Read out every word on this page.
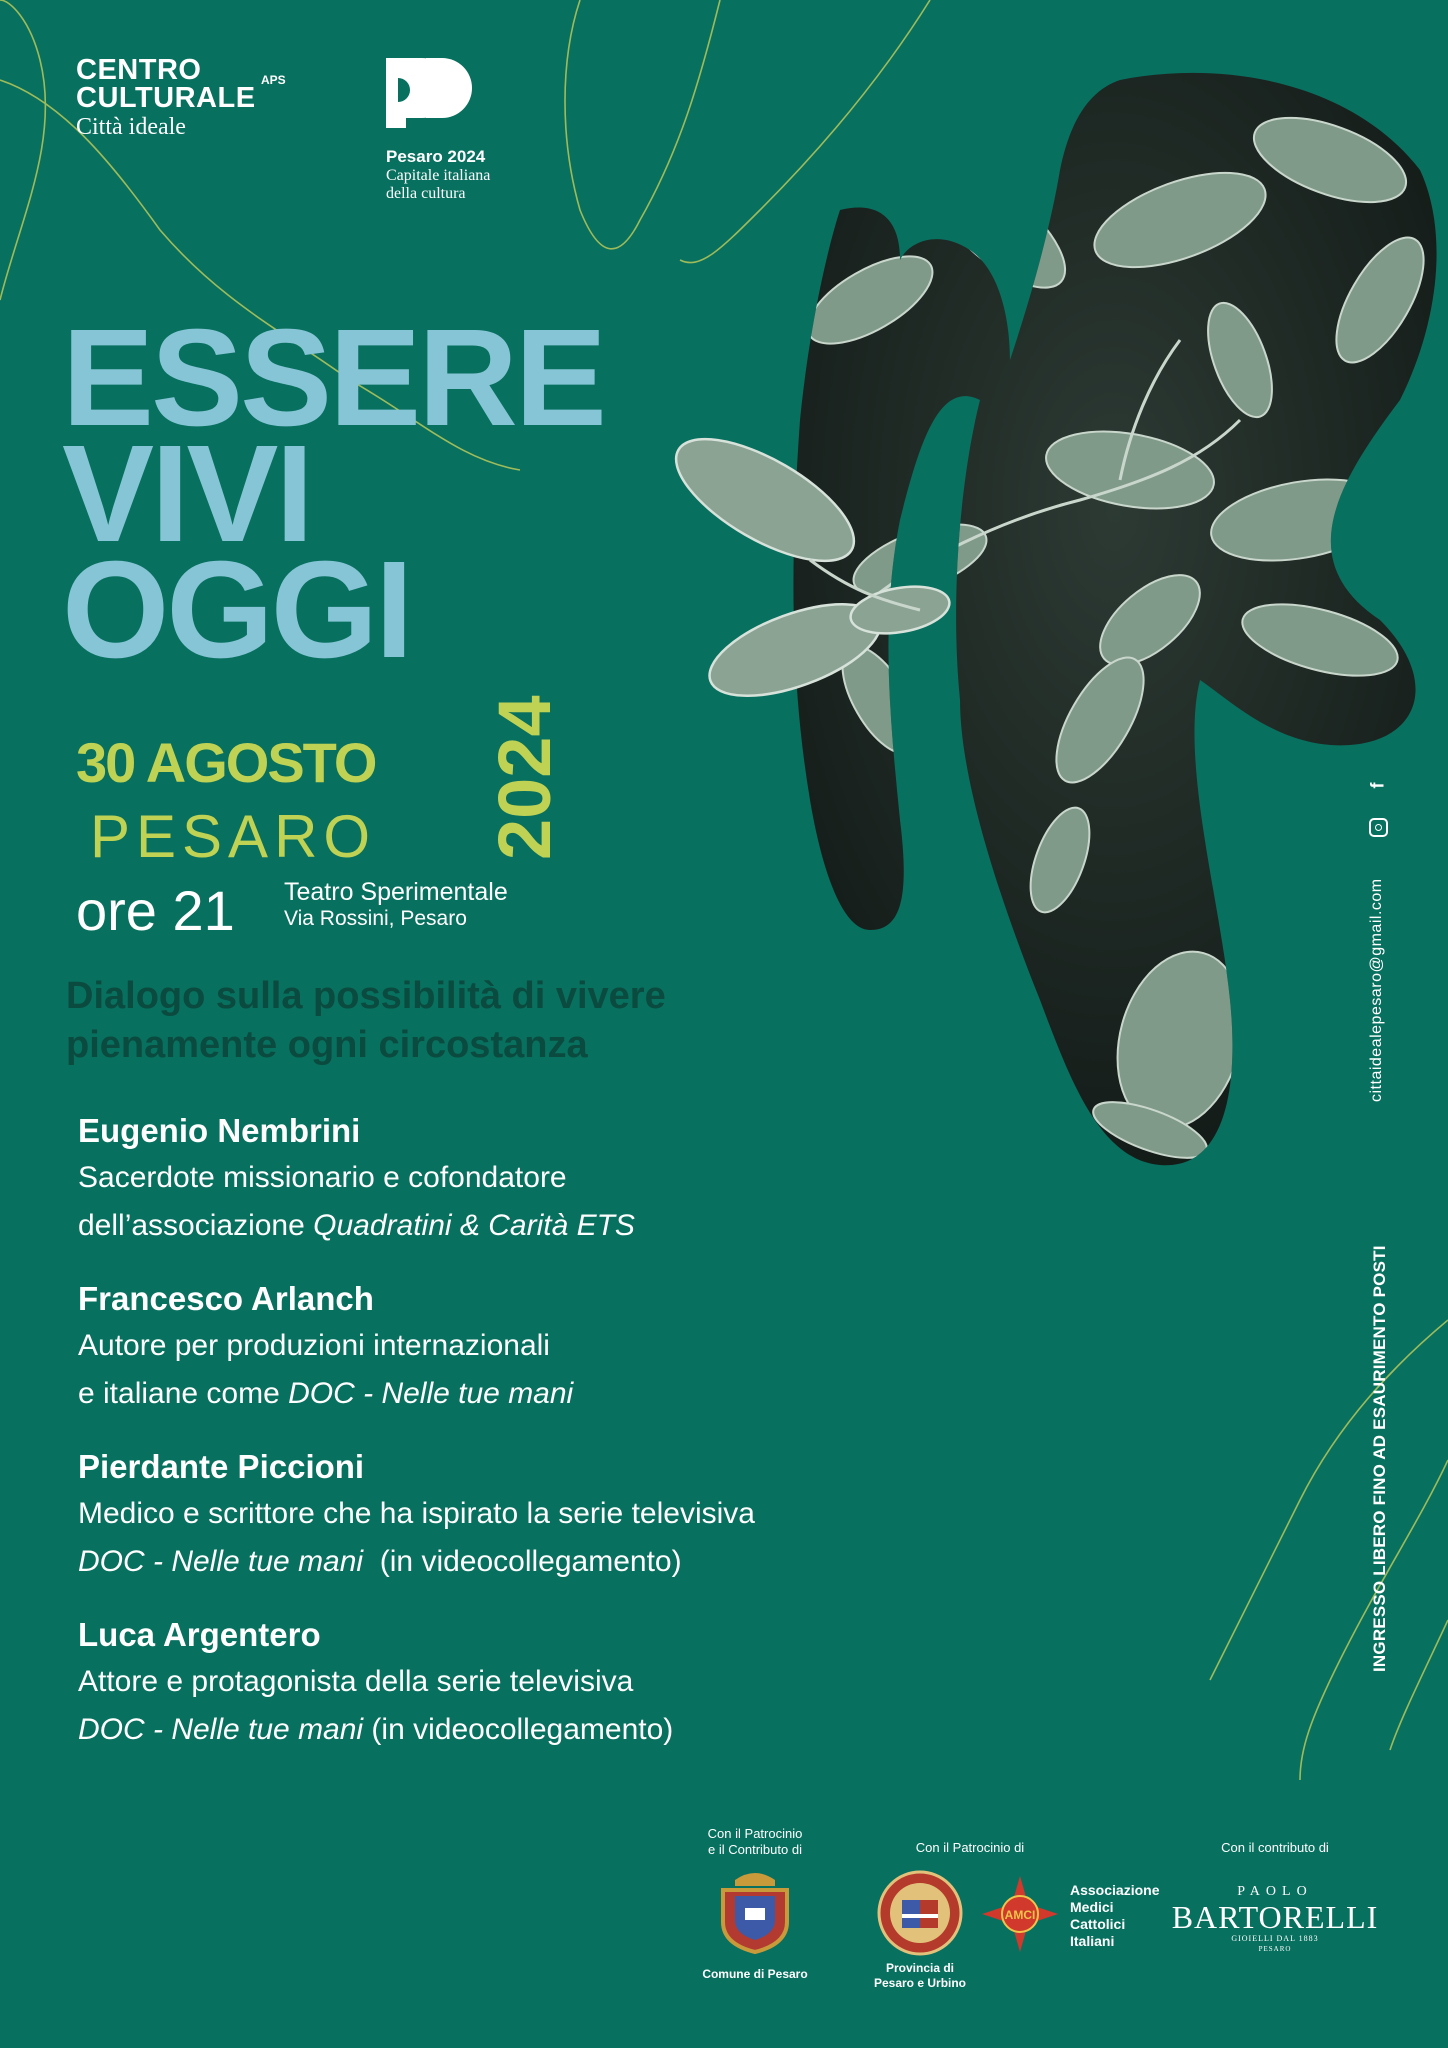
CENTRO
CULTURALE
APS
Città ideale
Pesaro 2024
Capitale italiana
della cultura
ESSERE
VIVI
OGGI
30 AGOSTO
PESARO 2024
ore 21 Teatro Sperimentale
Via Rossini, Pesaro
Dialogo sulla possibilità di vivere
pienamente ogni circostanza
Eugenio Nembrini
Sacerdote missionario e cofondatore
dell’associazione Quadratini & Carità ETS
Francesco Arlanch
Autore per produzioni internazionali
e italiane come DOC - Nelle tue mani
Pierdante Piccioni
Medico e scrittore che ha ispirato la serie televisiva
DOC - Nelle tue mani  (in videocollegamento)
Luca Argentero
Attore e protagonista della serie televisiva
DOC - Nelle tue mani (in videocollegamento)
f
cittaidealepesaro@gmail.com
INGRESSO LIBERO FINO AD ESAURIMENTO POSTI
Con il Patrocinio
e il Contributo di
Comune di Pesaro
Con il Patrocinio di
Provincia di
Pesaro e Urbino
AMCI
Associazione
Medici
Cattolici
Italiani
Con il contributo di
PAOLO
BARTORELLI
GIOIELLI DAL 1883
PESARO
